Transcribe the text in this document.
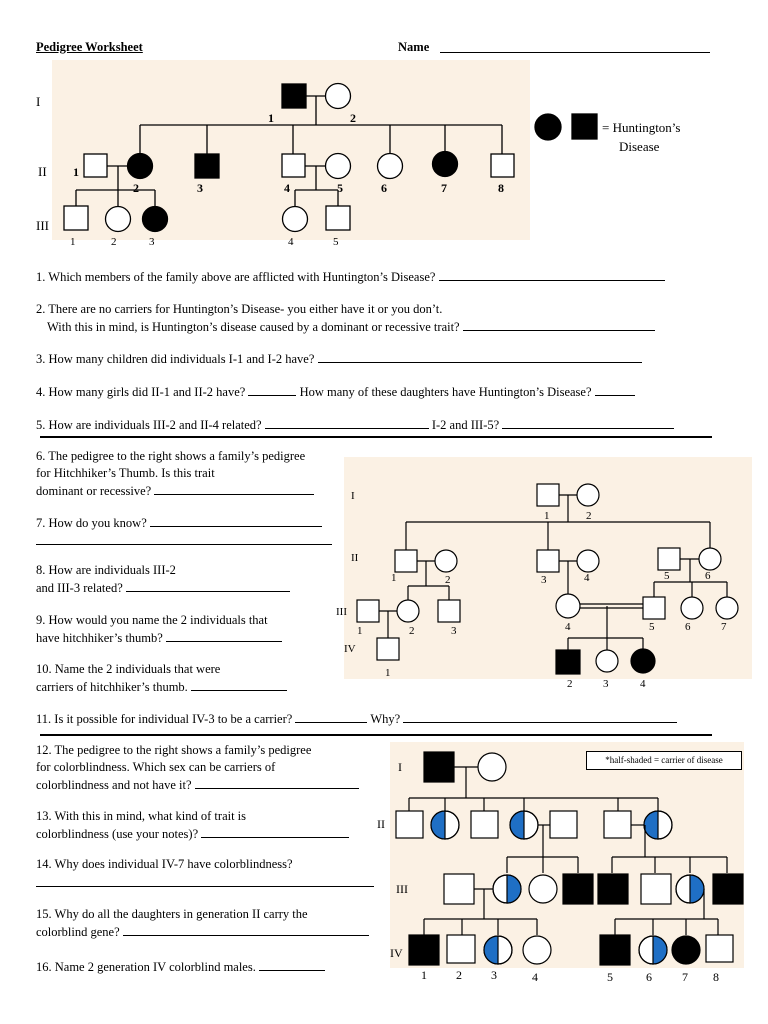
Pedigree Worksheet	Name
I
II
III
= Huntington’s
Disease
1	2
1
2	3	4	5	6	7	8
1	2	3	4	5
1. Which members of the family above are afflicted with Huntington’s Disease?
2. There are no carriers for Huntington’s Disease- you either have it or you don’t.
With this in mind, is Huntington’s disease caused by a dominant or recessive trait?
3. How many children did individuals I-1 and I-2 have?
4. How many girls did II-1 and II-2 have?	How many of these daughters have Huntington’s Disease?
5. How are individuals III-2 and II-4 related?	I-2 and III-5?
6. The pedigree to the right shows a family’s pedigree
for Hitchhiker’s Thumb. Is this trait
dominant or recessive?
7. How do you know?
8. How are individuals III-2
and III-3 related?
9. How would you name the 2 individuals that
have hitchhiker’s thumb?
10. Name the 2 individuals that were
carriers of hitchhiker’s thumb.
I
II
III
IV
1	2
1	2	3	4	5	6
1	2	3	4	5	6	7
1
2	3	4
11. Is it possible for individual IV-3 to be a carrier?	Why?
12. The pedigree to the right shows a family’s pedigree
for colorblindness. Which sex can be carriers of
colorblindness and not have it?
13. With this in mind, what kind of trait is
colorblindness (use your notes)?
14. Why does individual IV-7 have colorblindness?
15. Why do all the daughters in generation II carry the
colorblind gene?
16. Name 2 generation IV colorblind males.
*half-shaded = carrier of disease
I
II
III
IV
1 2 3	4	5	6	7 8
